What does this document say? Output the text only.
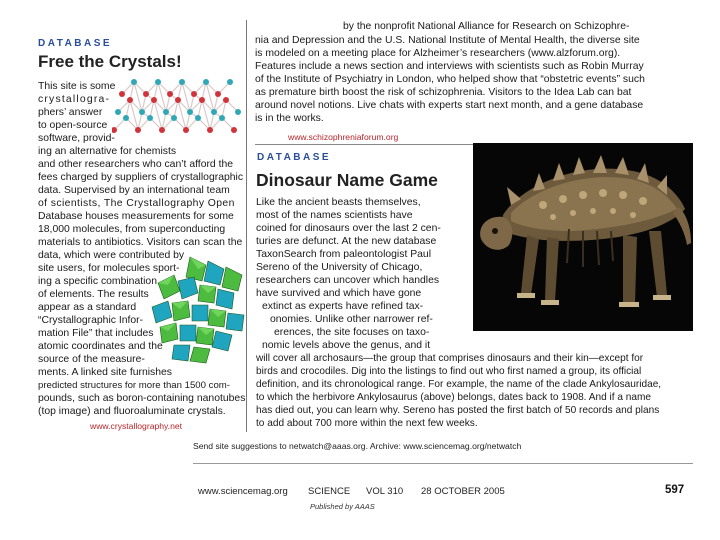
by the nonprofit National Alliance for Research on Schizophre-
nia and Depression and the U.S. National Institute of Mental Health, the diverse site
is modeled on a meeting place for Alzheimer’s researchers (www.alzforum.org).
Features include a news section and interviews with scientists such as Robin Murray
of the Institute of Psychiatry in London, who helped show that “obstetric events” such
as premature birth boost the risk of schizophrenia. Visitors to the Idea Lab can bat
around novel notions. Live chats with experts start next month, and a gene database
is in the works.
www.schizophreniaforum.org
DATABASE
Free the Crystals!
This site is some
crystallogra-
phers’ answer
to open-source
software, provid-
ing an alternative for chemists
and other researchers who can’t afford the
fees charged by suppliers of crystallographic
data. Supervised by an international team
of scientists, The Crystallography Open
Database houses measurements for some
18,000 molecules, from superconducting
materials to antibiotics. Visitors can scan the
data, which were contributed by
site users, for molecules sport-
ing a specific combination
of elements. The results
appear as a standard
“Crystallographic Infor-
mation File” that includes
atomic coordinates and the
source of the measure-
ments. A linked site furnishes
predicted structures for more than 1500 com-
pounds, such as boron-containing nanotubes
(top image) and fluoroaluminate crystals.
www.crystallography.net
DATABASE
Dinosaur Name Game
Like the ancient beasts themselves,
most of the names scientists have
coined for dinosaurs over the last 2 cen-
turies are defunct. At the new database
TaxonSearch from paleontologist Paul
Sereno of the University of Chicago,
researchers can uncover which handles
have survived and which have gone
extinct as experts have refined tax-
onomies. Unlike other narrower ref-
erences, the site focuses on taxo-
nomic levels above the genus, and it
will cover all archosaurs—the group that comprises dinosaurs and their kin—except for
birds and crocodiles. Dig into the listings to find out who first named a group, its official
definition, and its chronological range. For example, the name of the clade Ankylosauridae,
to which the herbivore Ankylosaurus (above) belongs, dates back to 1908. And if a name
has died out, you can learn why. Sereno has posted the first batch of 50 records and plans
to add about 700 more within the next few weeks.
Send site suggestions to netwatch@aaas.org. Archive: www.sciencemag.org/netwatch
www.sciencemag.org SCIENCE VOL 310 28 OCTOBER 2005	597
Published by AAAS
